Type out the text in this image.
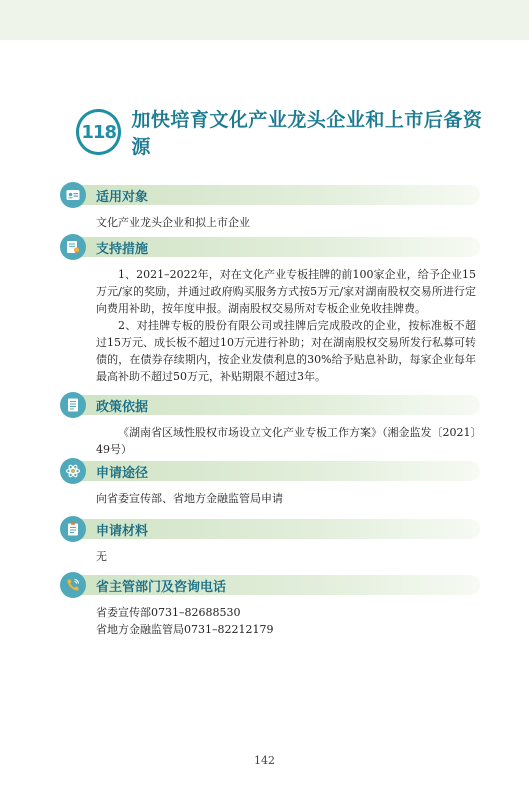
118
加快培育文化产业龙头企业和上市后备资源
适用对象

文化产业龙头企业和拟上市企业

支持措施

1、2021–2022年，对在文化产业专板挂牌的前100家企业，给予企业15万元/家的奖励，并通过政府购买服务方式按5万元/家对湖南股权交易所进行定向费用补助，按年度申报。湖南股权交易所对专板企业免收挂牌费。

2、对挂牌专板的股份有限公司或挂牌后完成股改的企业，按标准板不超过15万元、成长板不超过10万元进行补助；对在湖南股权交易所发行私募可转债的，在债券存续期内，按企业发债利息的30%给予贴息补助，每家企业每年最高补助不超过50万元，补贴期限不超过3年。

政策依据

《湖南省区域性股权市场设立文化产业专板工作方案》（湘金监发〔2021〕49号）

申请途径

向省委宣传部、省地方金融监管局申请

申请材料

无

省主管部门及咨询电话

省委宣传部0731–82688530

省地方金融监管局0731–82212179

142
